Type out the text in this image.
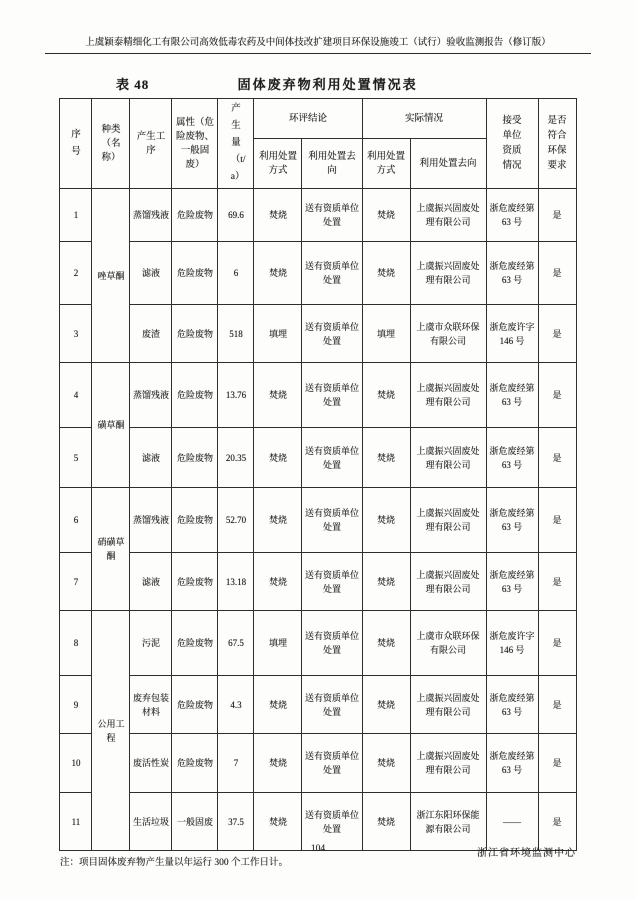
上虞颖泰精细化工有限公司高效低毒农药及中间体技改扩建项目环保设施竣工（试行）验收监测报告（修订版）
表 48	固体废弃物利用处置情况表
序号	种类（名称）	产生工序	属性（危险废物、一般固废）	产生量（t/a）	环评结论		实际情况		接受单位资质情况	是否符合环保要求
					利用处置方式	利用处置去向	利用处置方式	利用处置去向		
1	唑草酮	蒸馏残液	危险废物	69.6	焚烧	送有资质单位处置	焚烧	上虞振兴固废处理有限公司	浙危废经第 63 号	是
2		滤液	危险废物	6	焚烧	送有资质单位处置	焚烧	上虞振兴固废处理有限公司	浙危废经第 63 号	是
3		废渣	危险废物	518	填埋	送有资质单位处置	填埋	上虞市众联环保有限公司	浙危废许字 146 号	是
4	磺草酮	蒸馏残液	危险废物	13.76	焚烧	送有资质单位处置	焚烧	上虞振兴固废处理有限公司	浙危废经第 63 号	是
5		滤液	危险废物	20.35	焚烧	送有资质单位处置	焚烧	上虞振兴固废处理有限公司	浙危废经第 63 号	是
6	硝磺草酮	蒸馏残液	危险废物	52.70	焚烧	送有资质单位处置	焚烧	上虞振兴固废处理有限公司	浙危废经第 63 号	是
7		滤液	危险废物	13.18	焚烧	送有资质单位处置	焚烧	上虞振兴固废处理有限公司	浙危废经第 63 号	是
8	公用工程	污泥	危险废物	67.5	填埋	送有资质单位处置	焚烧	上虞市众联环保有限公司	浙危废许字 146 号	是
9		废弃包装材料	危险废物	4.3	焚烧	送有资质单位处置	焚烧	上虞振兴固废处理有限公司	浙危废经第 63 号	是
10		废活性炭	危险废物	7	焚烧	送有资质单位处置	焚烧	上虞振兴固废处理有限公司	浙危废经第 63 号	是
11		生活垃圾	一般固废	37.5	焚烧	送有资质单位处置	焚烧	浙江东阳环保能源有限公司	——	是
注：项目固体废弃物产生量以年运行 300 个工作日计。
104	浙江省环境监测中心
